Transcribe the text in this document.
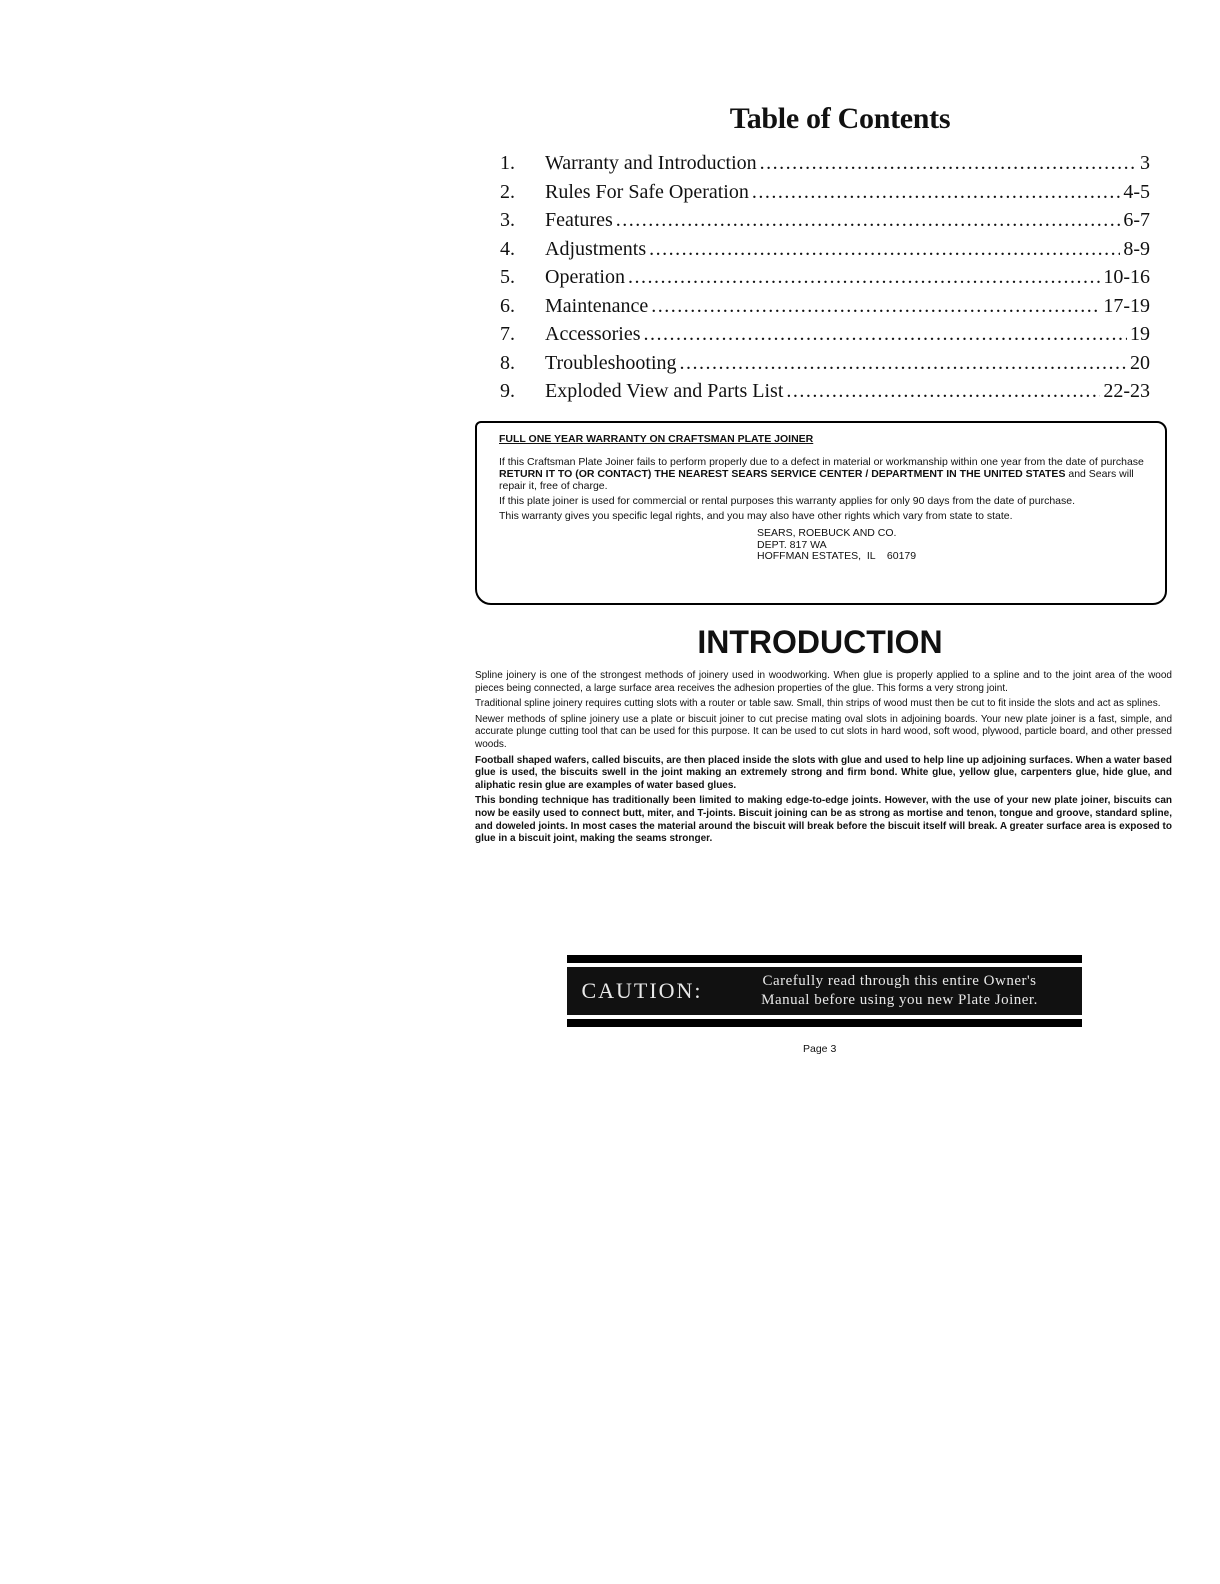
Table of Contents
1.	Warranty and Introduction .....	3
2.	Rules For Safe Operation .....	4-5
3.	Features .....	6-7
4.	Adjustments .....	8-9
5.	Operation .....	10-16
6.	Maintenance .....	17-19
7.	Accessories .....	19
8.	Troubleshooting .....	20
9.	Exploded View and Parts List .....	22-23
FULL ONE YEAR WARRANTY ON CRAFTSMAN PLATE JOINER

If this Craftsman Plate Joiner fails to perform properly due to a defect in material or workmanship within one year from the date of purchase RETURN IT TO (OR CONTACT) THE NEAREST SEARS SERVICE CENTER / DEPARTMENT IN THE UNITED STATES and Sears will repair it, free of charge.

If this plate joiner is used for commercial or rental purposes this warranty applies for only 90 days from the date of purchase.

This warranty gives you specific legal rights, and you may also have other rights which vary from state to state.

SEARS, ROEBUCK AND CO.
DEPT. 817 WA
HOFFMAN ESTATES,  IL    60179
INTRODUCTION

Spline joinery is one of the strongest methods of joinery used in woodworking. When glue is properly applied to a spline and to the joint area of the wood pieces being connected, a large surface area receives the adhesion properties of the glue. This forms a very strong joint.

Traditional spline joinery requires cutting slots with a router or table saw. Small, thin strips of wood must then be cut to fit inside the slots and act as splines.

Newer methods of spline joinery use a plate or biscuit joiner to cut precise mating oval slots in adjoining boards. Your new plate joiner is a fast, simple, and accurate plunge cutting tool that can be used for this purpose. It can be used to cut slots in hard wood, soft wood, plywood, particle board, and other pressed woods.

Football shaped wafers, called biscuits, are then placed inside the slots with glue and used to help line up adjoining surfaces. When a water based glue is used, the biscuits swell in the joint making an extremely strong and firm bond. White glue, yellow glue, carpenters glue, hide glue, and aliphatic resin glue are examples of water based glues.

This bonding technique has traditionally been limited to making edge-to-edge joints. However, with the use of your new plate joiner, biscuits can now be easily used to connect butt, miter, and T-joints. Biscuit joining can be as strong as mortise and tenon, tongue and groove, standard spline, and doweled joints. In most cases the material around the biscuit will break before the biscuit itself will break. A greater surface area is exposed to glue in a biscuit joint, making the seams stronger.

CAUTION:	Carefully read through this entire Owner's
Manual before using you new Plate Joiner.
Page 3
